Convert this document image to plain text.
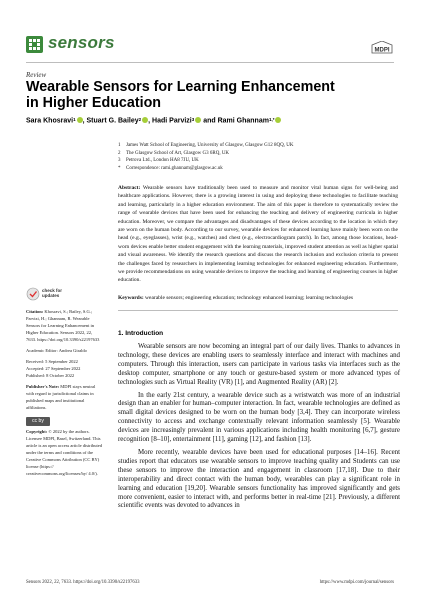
sensors	MDPI
Review
Wearable Sensors for Learning Enhancement in Higher Education
Sara Khosravi$^1$ , Stuart G. Bailey$^2$ , Hadi Parvizi$^3$ and Rami Ghannam$^{1,*}$
1 James Watt School of Engineering, University of Glasgow, Glasgow G12 8QQ, UK
2 The Glasgow School of Art, Glasgow G3 6RQ, UK
3 Petrova Ltd., London HA8 7JU, UK
* Correspondence: rami.ghannam@glasgow.ac.uk
Abstract: Wearable sensors have traditionally been used to measure and monitor vital human signs for well-being and healthcare applications. However, there is a growing interest in using and deploying these technologies to facilitate teaching and learning, particularly in a higher education environment. The aim of this paper is therefore to systematically review the range of wearable devices that have been used for enhancing the teaching and delivery of engineering curricula in higher education. Moreover, we compare the advantages and disadvantages of these devices according to the location in which they are worn on the human body. According to our survey, wearable devices for enhanced learning have mainly been worn on the head (e.g., eyeglasses), wrist (e.g., watches) and chest (e.g., electrocardiogram patch). In fact, among those locations, head-worn devices enable better student engagement with the learning materials, improved student attention as well as higher spatial and visual awareness. We identify the research questions and discuss the research inclusion and exclusion criteria to present the challenges faced by researchers in implementing learning technologies for enhanced engineering education. Furthermore, we provide recommendations on using wearable devices to improve the teaching and learning of engineering courses in higher education.
Keywords: wearable sensors; engineering education; technology enhanced learning; learning technologies
check for updates

Citation: Khosravi, S.; Bailey, S.G.; Parvizi, H.; Ghannam, R. Wearable Sensors for Learning Enhancement in Higher Education. Sensors 2022, 22, 7633. https://doi.org/10.3390/s22197633

Academic Editor: Andrea Giraldo

Received: 5 September 2022
Accepted: 27 September 2022
Published: 8 October 2022

Publisher's Note: MDPI stays neutral with regard to jurisdictional claims in published maps and institutional affiliations.

cc by

Copyright: © 2022 by the authors. Licensee MDPI, Basel, Switzerland. This article is an open access article distributed under the terms and conditions of the Creative Commons Attribution (CC BY) license (https:// creativecommons.org/licenses/by/ 4.0/).

1. Introduction

Wearable sensors are now becoming an integral part of our daily lives. Thanks to advances in technology, these devices are enabling users to seamlessly interface and interact with machines and computers. Through this interaction, users can participate in various tasks via interfaces such as the desktop computer, smartphone or any touch or gesture-based system or more advanced types of technologies such as Virtual Reality (VR) [1], and Augmented Reality (AR) [2].

In the early 21st century, a wearable device such as a wristwatch was more of an industrial design than an enabler for human–computer interaction. In fact, wearable technologies are defined as small digital devices designed to be worn on the human body [3,4]. They can incorporate wireless connectivity to access and exchange contextually relevant information seamlessly [5]. Wearable devices are increasingly prevalent in various applications including health monitoring [6,7], gesture recognition [8–10], entertainment [11], gaming [12], and fashion [13].

More recently, wearable devices have been used for educational purposes [14–16]. Recent studies report that educators use wearable sensors to improve teaching quality and Students can use these sensors to improve the interaction and engagement in classroom [17,18]. Due to their interoperability and direct contact with the human body, wearables can play a significant role in learning and education [19,20]. Wearable sensors functionality has improved significantly and gets more convenient, easier to interact with, and performs better in real-time [21]. Previously, a different scientific events was devoted to advances in

Sensors 2022, 22, 7633. https://doi.org/10.3390/s22197633	https://www.mdpi.com/journal/sensors
